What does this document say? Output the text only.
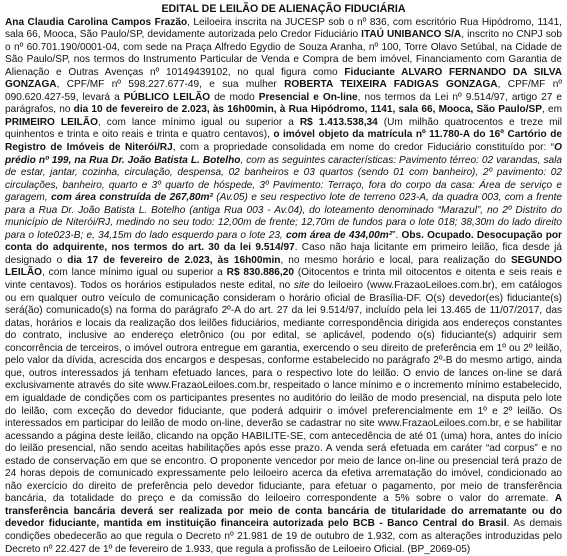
EDITAL DE LEILÃO DE ALIENAÇÃO FIDUCIÁRIA
Ana Claudia Carolina Campos Frazão, Leiloeira inscrita na JUCESP sob o nº 836, com escritório Rua Hipódromo, 1141, sala 66, Mooca, São Paulo/SP, devidamente autorizada pelo Credor Fiduciário ITAÚ UNIBANCO S/A, inscrito no CNPJ sob o nº 60.701.190/0001-04, com sede na Praça Alfredo Egydio de Souza Aranha, nº 100, Torre Olavo Setúbal, na Cidade de São Paulo/SP, nos termos do Instrumento Particular de Venda e Compra de bem imóvel, Financiamento com Garantia de Alienação e Outras Avenças nº 10149439102, no qual figura como Fiduciante ALVARO FERNANDO DA SILVA GONZAGA, CPF/MF nº 598.227.677-49, e sua mulher ROBERTA TEIXEIRA FADIGAS GONZAGA, CPF/MF nº 090.620.427-59, levará a PÚBLICO LEILÃO de modo Presencial e On-line, nos termos da Lei nº 9.514/97, artigo 27 e parágrafos, no dia 10 de fevereiro de 2.023, às 16h00min, à Rua Hipódromo, 1141, sala 66, Mooca, São Paulo/SP, em PRIMEIRO LEILÃO, com lance mínimo igual ou superior a R$ 1.413.538,34 (Um milhão quatrocentos e treze mil quinhentos e trinta e oito reais e trinta e quatro centavos), o imóvel objeto da matrícula nº 11.780-A do 16º Cartório de Registro de Imóveis de Niterói/RJ, com a propriedade consolidada em nome do credor Fiduciário constituído por: “O prédio nº 199, na Rua Dr. João Batista L. Botelho, com as seguintes características: Pavimento térreo: 02 varandas, sala de estar, jantar, cozinha, circulação, despensa, 02 banheiros e 03 quartos (sendo 01 com banheiro), 2º pavimento: 02 circulações, banheiro, quarto e 3º quarto de hóspede, 3º Pavimento: Terraço, fora do corpo da casa: Área de serviço e garagem, com área construída de 267,80m² (Av.05) e seu respectivo lote de terreno 023-A, da quadra 003, com a frente para a Rua Dr. João Batista L. Botelho (antiga Rua 003 - Av.04), do loteamento denominado “Marazul”, no 2º Distrito do município de Niterói/RJ, medindo no seu todo: 12,00m de frente; 12,70m de fundos para o lote 018; 38,30m do lado direito para o lote023-B; e, 34,15m do lado esquerdo para o lote 23, com área de 434,00m²”. Obs. Ocupado. Desocupação por conta do adquirente, nos termos do art. 30 da lei 9.514/97. Caso não haja licitante em primeiro leilão, fica desde já designado o dia 17 de fevereiro de 2.023, às 16h00min, no mesmo horário e local, para realização do SEGUNDO LEILÃO, com lance mínimo igual ou superior a R$ 830.886,20 (Oitocentos e trinta mil oitocentos e oitenta e seis reais e vinte centavos). Todos os horários estipulados neste edital, no site do leiloeiro (www.FrazaoLeiloes.com.br), em catálogos ou em qualquer outro veículo de comunicação consideram o horário oficial de Brasília-DF. O(s) devedor(es) fiduciante(s) será(ão) comunicado(s) na forma do parágrafo 2º-A do art. 27 da lei 9.514/97, incluído pela lei 13.465 de 11/07/2017, das datas, horários e locais da realização dos leilões fiduciários, mediante correspondência dirigida aos endereços constantes do contrato, inclusive ao endereço eletrônico (ou por edital, se aplicável, podendo o(s) fiduciante(s) adquirir sem concorrência de terceiros, o imóvel outrora entregue em garantia, exercendo o seu direito de preferência em 1º ou 2º leilão, pelo valor da dívida, acrescida dos encargos e despesas, conforme estabelecido no parágrafo 2º-B do mesmo artigo, ainda que, outros interessados já tenham efetuado lances, para o respectivo lote do leilão. O envio de lances on-line se dará exclusivamente através do site www.FrazaoLeiloes.com.br, respeitado o lance mínimo e o incremento mínimo estabelecido, em igualdade de condições com os participantes presentes no auditório do leilão de modo presencial, na disputa pelo lote do leilão, com exceção do devedor fiduciante, que poderá adquirir o imóvel preferencialmente em 1º e 2º leilão. Os interessados em participar do leilão de modo on-line, deverão se cadastrar no site www.FrazaoLeiloes.com.br, e se habilitar acessando a página deste leilão, clicando na opção HABILITE-SE, com antecedência de até 01 (uma) hora, antes do início do leilão presencial, não sendo aceitas habilitações após esse prazo. A venda será efetuada em caráter “ad corpus” e no estado de conservação em que se encontro. O proponente vencedor por meio de lance on-line ou presencial terá prazo de 24 horas depois de comunicado expressamente pelo leiloeiro acerca da efetiva arrematação do imóvel, condicionado ao não exercício do direito de preferência pelo devedor fiduciante, para efetuar o pagamento, por meio de transferência bancária, da totalidade do preço e da comissão do leiloeiro correspondente a 5% sobre o valor do arremate. A transferência bancária deverá ser realizada por meio de conta bancária de titularidade do arrematante ou do devedor fiduciante, mantida em instituição financeira autorizada pelo BCB - Banco Central do Brasil. As demais condições obedecerão ao que regula o Decreto nº 21.981 de 19 de outubro de 1.932, com as alterações introduzidas pelo Decreto nº 22.427 de 1º de fevereiro de 1.933, que regula a profissão de Leiloeiro Oficial. (BP_2069-05)
